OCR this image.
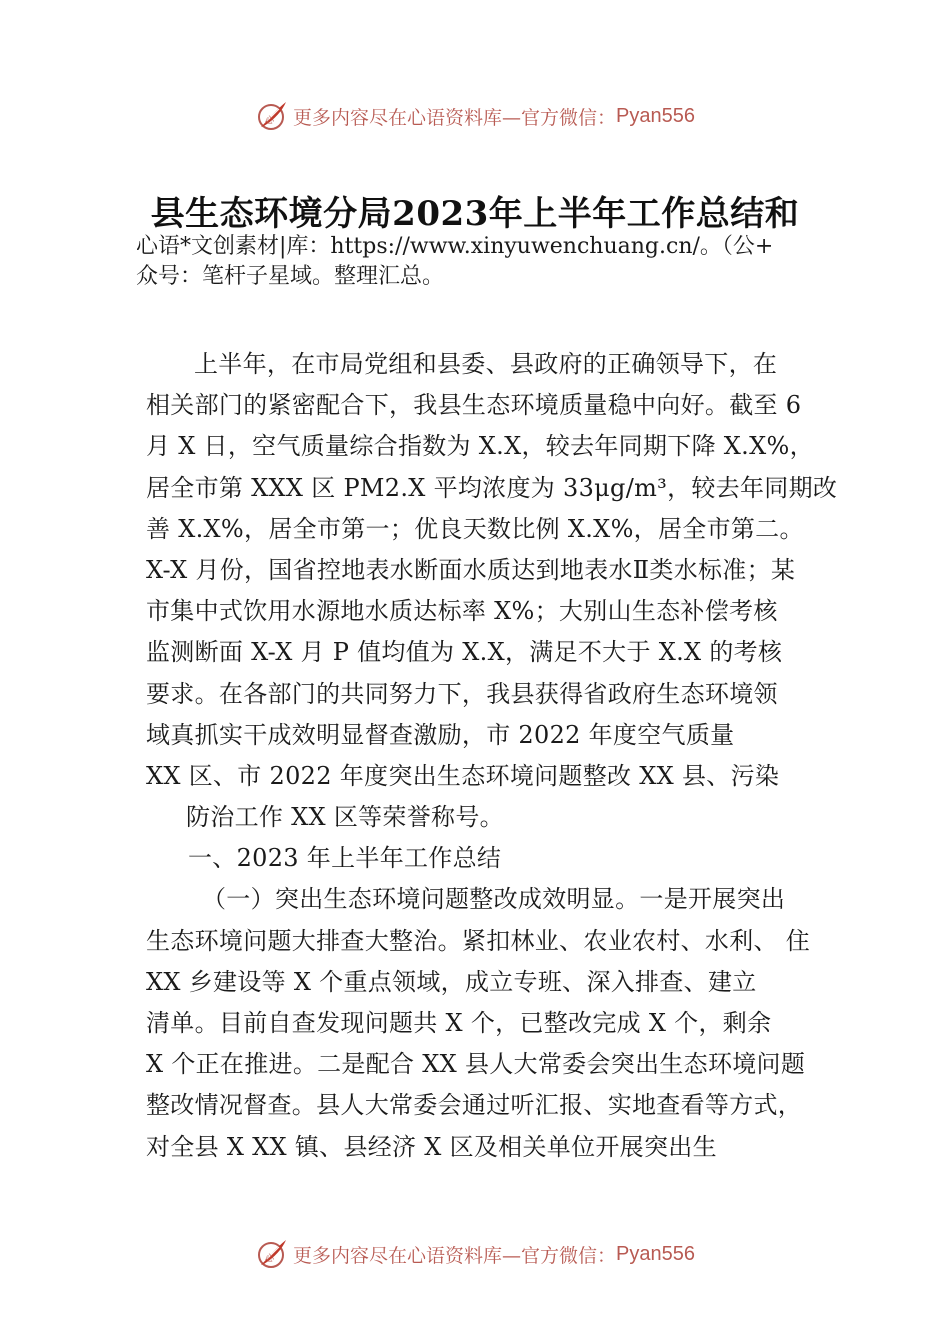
心 更多内容尽在心语资料库—官方微信： Pyan556
县生态环境分局2023年上半年工作总结和
心语*文创素材|库：https://www.xinyuwenchuang.cn/。（公+
众号：笔杆子星域。整理汇总。
上半年，在市局党组和县委、县政府的正确领导下，在
相关部门的紧密配合下，我县生态环境质量稳中向好。截至 6
月 X 日，空气质量综合指数为 X.X，较去年同期下降 X.X%，
居全市第 XXX 区 PM2.X 平均浓度为 33μg/m³，较去年同期改
善 X.X%，居全市第一；优良天数比例 X.X%，居全市第二。
X-X 月份，国省控地表水断面水质达到地表水Ⅱ类水标准；某
市集中式饮用水源地水质达标率 X%；大别山生态补偿考核
监测断面 X-X 月 P 值均值为 X.X，满足不大于 X.X 的考核
要求。在各部门的共同努力下，我县获得省政府生态环境领
域真抓实干成效明显督查激励，市 2022 年度空气质量
XX 区、市 2022 年度突出生态环境问题整改 XX 县、污染
防治工作 XX 区等荣誉称号。
一、2023 年上半年工作总结
（一）突出生态环境问题整改成效明显。一是开展突出
生态环境问题大排查大整治。紧扣林业、农业农村、水利、 住
XX 乡建设等 X 个重点领域，成立专班、深入排查、建立
清单。目前自查发现问题共 X 个，已整改完成 X 个，剩余
X 个正在推进。二是配合 XX 县人大常委会突出生态环境问题
整改情况督查。县人大常委会通过听汇报、实地查看等方式，
对全县 X XX 镇、县经济 X 区及相关单位开展突出生
心 更多内容尽在心语资料库—官方微信： Pyan556
